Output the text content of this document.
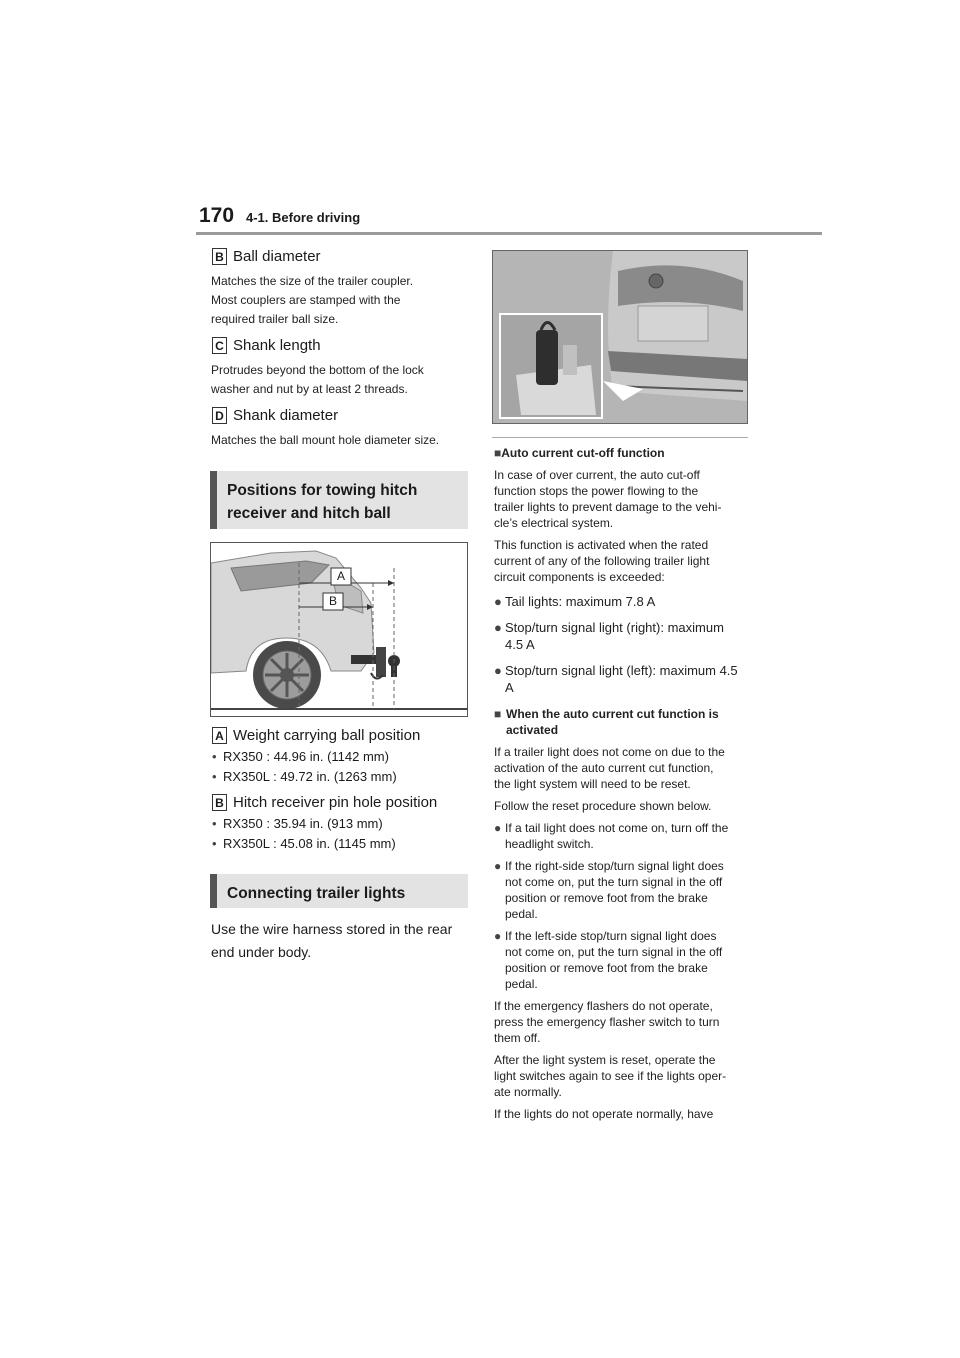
170 4-1. Before driving
B Ball diameter
Matches the size of the trailer coupler.
Most couplers are stamped with the
required trailer ball size.
C Shank length
Protrudes beyond the bottom of the lock
washer and nut by at least 2 threads.
D Shank diameter
Matches the ball mount hole diameter size.
Positions for towing hitch
receiver and hitch ball
A
B
A Weight carrying ball position
• RX350 : 44.96 in. (1142 mm)
• RX350L : 49.72 in. (1263 mm)
B Hitch receiver pin hole position
• RX350 : 35.94 in. (913 mm)
• RX350L : 45.08 in. (1145 mm)
Connecting trailer lights
Use the wire harness stored in the rear
end under body.

■Auto current cut-off function

In case of over current, the auto cut-off
function stops the power flowing to the
trailer lights to prevent damage to the vehi-
cle’s electrical system.

This function is activated when the rated
current of any of the following trailer light
circuit components is exceeded:

● Tail lights: maximum 7.8 A
● Stop/turn signal light (right): maximum
4.5 A
● Stop/turn signal light (left): maximum 4.5
A
■ When the auto current cut function is
activated

If a trailer light does not come on due to the
activation of the auto current cut function,
the light system will need to be reset.

Follow the reset procedure shown below.

● If a tail light does not come on, turn off the
headlight switch.
● If the right-side stop/turn signal light does
not come on, put the turn signal in the off
position or remove foot from the brake
pedal.
● If the left-side stop/turn signal light does
not come on, put the turn signal in the off
position or remove foot from the brake
pedal.

If the emergency flashers do not operate,
press the emergency flasher switch to turn
them off.

After the light system is reset, operate the
light switches again to see if the lights oper-
ate normally.

If the lights do not operate normally, have
